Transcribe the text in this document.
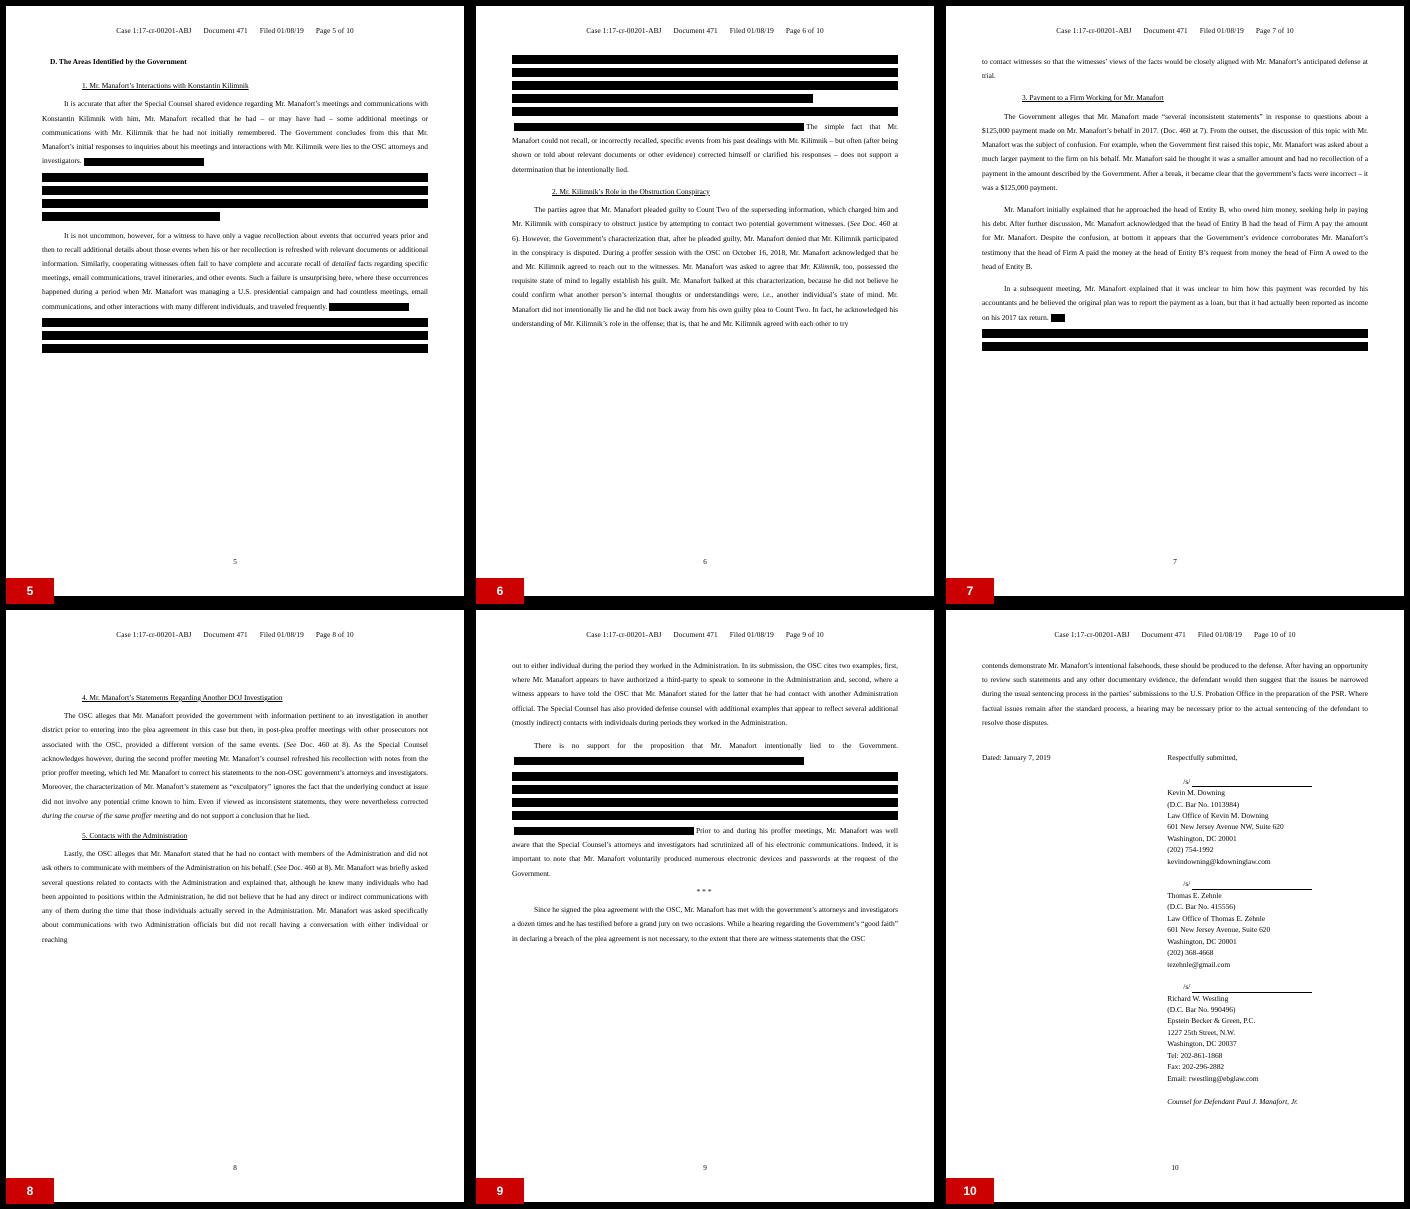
Case 1:17-cr-00201-ABJ Document 471 Filed 01/08/19 Page 5 of 10
D. The Areas Identified by the Government
1. Mr. Manafort’s Interactions with Konstantin Kilimnik
It is accurate that after the Special Counsel shared evidence regarding Mr. Manafort’s meetings and communications with Konstantin Kilimnik with him, Mr. Manafort recalled that he had – or may have had – some additional meetings or communications with Mr. Kilimnik that he had not initially remembered. The Government concludes from this that Mr. Manafort’s initial responses to inquiries about his meetings and interactions with Mr. Kilimnik were lies to the OSC attorneys and investigators.
It is not uncommon, however, for a witness to have only a vague recollection about events that occurred years prior and then to recall additional details about those events when his or her recollection is refreshed with relevant documents or additional information. Similarly, cooperating witnesses often fail to have complete and accurate recall of detailed facts regarding specific meetings, email communications, travel itineraries, and other events. Such a failure is unsurprising here, where these occurrences happened during a period when Mr. Manafort was managing a U.S. presidential campaign and had countless meetings, email communications, and other interactions with many different individuals, and traveled frequently.
5
5
Case 1:17-cr-00201-ABJ Document 471 Filed 01/08/19 Page 6 of 10
The simple fact that Mr. Manafort could not recall, or incorrectly recalled, specific events from his past dealings with Mr. Kilimnik – but often (after being shown or told about relevant documents or other evidence) corrected himself or clarified his responses – does not support a determination that he intentionally lied.
2. Mr. Kilimnik’s Role in the Obstruction Conspiracy
The parties agree that Mr. Manafort pleaded guilty to Count Two of the superseding information, which charged him and Mr. Kilimnik with conspiracy to obstruct justice by attempting to contact two potential government witnesses. (See Doc. 460 at 6). However, the Government’s characterization that, after he pleaded guilty, Mr. Manafort denied that Mr. Kilimnik participated in the conspiracy is disputed. During a proffer session with the OSC on October 16, 2018, Mr. Manafort acknowledged that he and Mr. Kilimnik agreed to reach out to the witnesses. Mr. Manafort was asked to agree that Mr. Kilimnik, too, possessed the requisite state of mind to legally establish his guilt. Mr. Manafort balked at this characterization, because he did not believe he could confirm what another person’s internal thoughts or understandings were, i.e., another individual’s state of mind. Mr. Manafort did not intentionally lie and he did not back away from his own guilty plea to Count Two. In fact, he acknowledged his understanding of Mr. Kilimnik’s role in the offense; that is, that he and Mr. Kilimnik agreed with each other to try
6
6
Case 1:17-cr-00201-ABJ Document 471 Filed 01/08/19 Page 7 of 10
to contact witnesses so that the witnesses’ views of the facts would be closely aligned with Mr. Manafort’s anticipated defense at trial.
3. Payment to a Firm Working for Mr. Manafort
The Government alleges that Mr. Manafort made “several inconsistent statements” in response to questions about a $125,000 payment made on Mr. Manafort’s behalf in 2017. (Doc. 460 at 7). From the outset, the discussion of this topic with Mr. Manafort was the subject of confusion. For example, when the Government first raised this topic, Mr. Manafort was asked about a much larger payment to the firm on his behalf. Mr. Manafort said he thought it was a smaller amount and had no recollection of a payment in the amount described by the Government. After a break, it became clear that the government’s facts were incorrect – it was a $125,000 payment.
Mr. Manafort initially explained that he approached the head of Entity B, who owed him money, seeking help in paying his debt. After further discussion, Mr. Manafort acknowledged that the head of Entity B had the head of Firm A pay the amount for Mr. Manafort. Despite the confusion, at bottom it appears that the Government’s evidence corroborates Mr. Manafort’s testimony that the head of Firm A paid the money at the head of Entity B’s request from money the head of Firm A owed to the head of Entity B.
In a subsequent meeting, Mr. Manafort explained that it was unclear to him how this payment was recorded by his accountants and he believed the original plan was to report the payment as a loan, but that it had actually been reported as income on his 2017 tax return.
7
7
Case 1:17-cr-00201-ABJ Document 471 Filed 01/08/19 Page 8 of 10
4. Mr. Manafort’s Statements Regarding Another DOJ Investigation
The OSC alleges that Mr. Manafort provided the government with information pertinent to an investigation in another district prior to entering into the plea agreement in this case but then, in post-plea proffer meetings with other prosecutors not associated with the OSC, provided a different version of the same events. (See Doc. 460 at 8). As the Special Counsel acknowledges however, during the second proffer meeting Mr. Manafort’s counsel refreshed his recollection with notes from the prior proffer meeting, which led Mr. Manafort to correct his statements to the non-OSC government’s attorneys and investigators. Moreover, the characterization of Mr. Manafort’s statement as “exculpatory” ignores the fact that the underlying conduct at issue did not involve any potential crime known to him. Even if viewed as inconsistent statements, they were nevertheless corrected during the course of the same proffer meeting and do not support a conclusion that he lied.
5. Contacts with the Administration
Lastly, the OSC alleges that Mr. Manafort stated that he had no contact with members of the Administration and did not ask others to communicate with members of the Administration on his behalf. (See Doc. 460 at 8). Mr. Manafort was briefly asked several questions related to contacts with the Administration and explained that, although he knew many individuals who had been appointed to positions within the Administration, he did not believe that he had any direct or indirect communications with any of them during the time that those individuals actually served in the Administration. Mr. Manafort was asked specifically about communications with two Administration officials but did not recall having a conversation with either individual or reaching
8
8
Case 1:17-cr-00201-ABJ Document 471 Filed 01/08/19 Page 9 of 10
out to either individual during the period they worked in the Administration. In its submission, the OSC cites two examples, first, where Mr. Manafort appears to have authorized a third-party to speak to someone in the Administration and, second, where a witness appears to have told the OSC that Mr. Manafort stated for the latter that he had contact with another Administration official. The Special Counsel has also provided defense counsel with additional examples that appear to reflect several additional (mostly indirect) contacts with individuals during periods they worked in the Administration.
There is no support for the proposition that Mr. Manafort intentionally lied to the Government.
Prior to and during his proffer meetings, Mr. Manafort was well aware that the Special Counsel’s attorneys and investigators had scrutinized all of his electronic communications. Indeed, it is important to note that Mr. Manafort voluntarily produced numerous electronic devices and passwords at the request of the Government.
***
Since he signed the plea agreement with the OSC, Mr. Manafort has met with the government’s attorneys and investigators a dozen times and he has testified before a grand jury on two occasions. While a hearing regarding the Government’s “good faith” in declaring a breach of the plea agreement is not necessary, to the extent that there are witness statements that the OSC
9
9
Case 1:17-cr-00201-ABJ Document 471 Filed 01/08/19 Page 10 of 10
contends demonstrate Mr. Manafort’s intentional falsehoods, these should be produced to the defense. After having an opportunity to review such statements and any other documentary evidence, the defendant would then suggest that the issues be narrowed during the usual sentencing process in the parties’ submissions to the U.S. Probation Office in the preparation of the PSR. Where factual issues remain after the standard process, a hearing may be necessary prior to the actual sentencing of the defendant to resolve those disputes.
Dated: January 7, 2019	Respectfully submitted,
/s/
Kevin M. Downing
(D.C. Bar No. 1013984)
Law Office of Kevin M. Downing
601 New Jersey Avenue NW, Suite 620
Washington, DC 20001
(202) 754-1992
kevindowning@kdowninglaw.com
/s/
Thomas E. Zehnle
(D.C. Bar No. 415556)
Law Office of Thomas E. Zehnle
601 New Jersey Avenue, Suite 620
Washington, DC 20001
(202) 368-4668
tezehnle@gmail.com
/s/
Richard W. Westling
(D.C. Bar No. 990496)
Epstein Becker & Green, P.C.
1227 25th Street, N.W.
Washington, DC 20037
Tel: 202-861-1868
Fax: 202-296-2882
Email: rwestling@ebglaw.com
Counsel for Defendant Paul J. Manafort, Jr.
10
10
